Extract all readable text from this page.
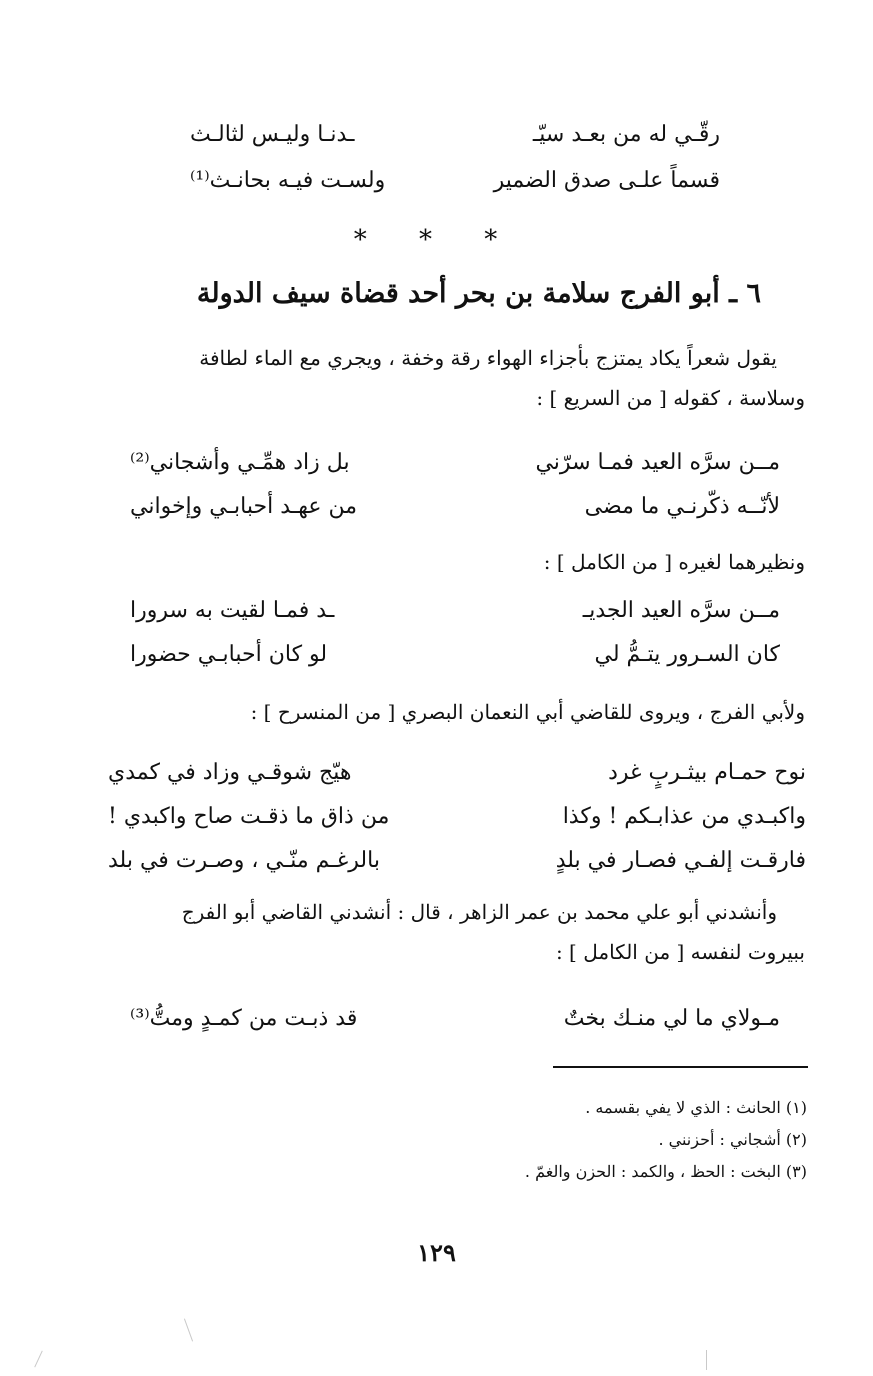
رقّـي له من بعـد سيّـ
ـدنـا وليـس لثالـث
قسماً علـى صدق الضمير
ولسـت فيـه بحانـث⁽¹⁾
* * *
٦ ـ أبو الفرج سلامة بن بحر أحد قضاة سيف الدولة
يقول شعراً يكاد يمتزج بأجزاء الهواء رقة وخفة ، ويجري مع الماء لطافة
وسلاسة ، كقوله [ من السريع ] :
مــن سرَّه العيد فمـا سرّني
بل زاد همِّـي وأشجاني⁽²⁾
لأنّــه ذكّرنـي ما مضى
من عهـد أحبابـي وإخواني
ونظيرهما لغيره [ من الكامل ] :
مــن سرَّه العيد الجديـ
ـد فمـا لقيت به سرورا
كان السـرور يتـمُّ لي
لو كان أحبابـي حضورا
ولأبي الفرج ، ويروى للقاضي أبي النعمان البصري [ من المنسرح ] :
نوح حمـام بيثـربٍ غرد
هيّج شوقـي وزاد في كمدي
واكبـدي من عذابـكم ! وكذا
من ذاق ما ذقـت صاح واكبدي !
فارقـت إلفـي فصـار في بلدٍ
بالرغـم منّـي ، وصـرت في بلد
وأنشدني أبو علي محمد بن عمر الزاهر ، قال : أنشدني القاضي أبو الفرج
ببيروت لنفسه [ من الكامل ] :
مـولاي ما لي منـك بختٌ
قد ذبـت من كمـدٍ ومتُّ⁽³⁾
(١) الحانث : الذي لا يفي بقسمه .
(٢) أشجاني : أحزنني .
(٣) البخت : الحظ ، والكمد : الحزن والغمّ .
١٢٩
